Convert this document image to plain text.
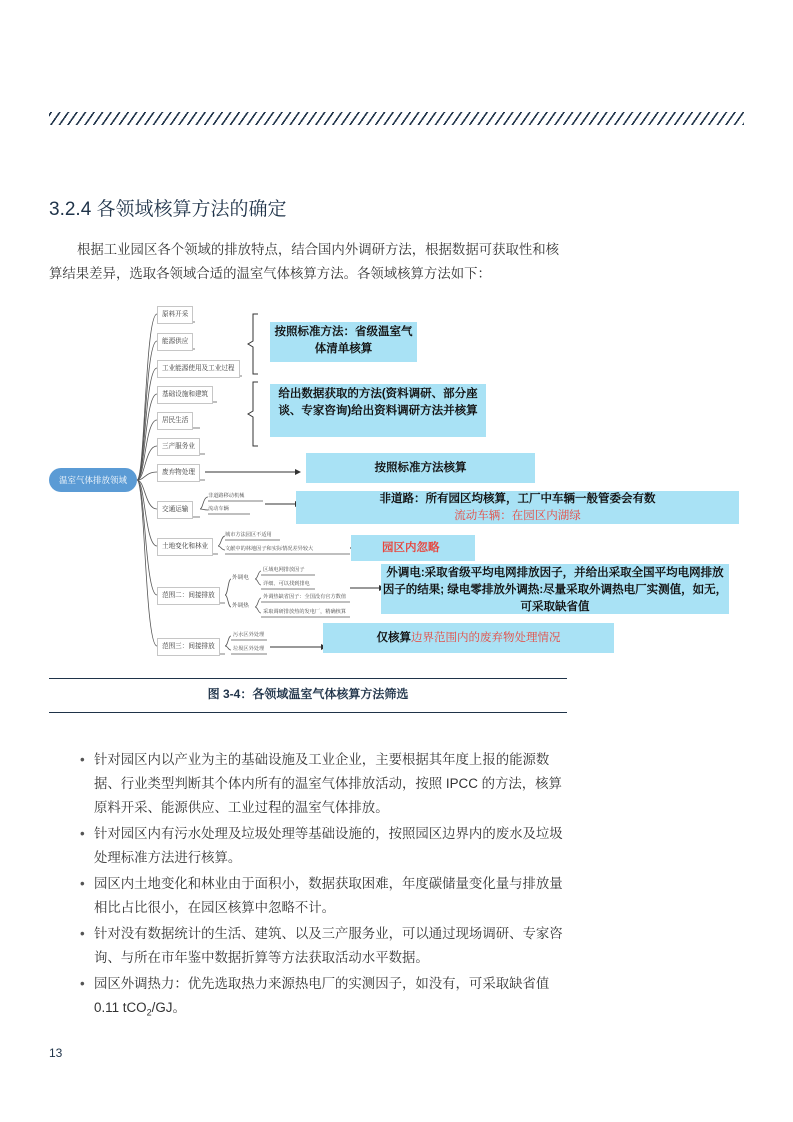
3.2.4 各领域核算方法的确定
根据工业园区各个领域的排放特点，结合国内外调研方法，根据数据可获取性和核算结果差异，选取各领域合适的温室气体核算方法。各领域核算方法如下：
温室气体排放领域
原料开采
能源供应
工业能源使用及工业过程
基础设施和建筑
居民生活
三产服务业
废弃物处理
交通运输
土地变化和林业
范围二：间接排放
范围三：间接排放
非道路移动机械
流动车辆
城市方法园区不适用
文献中的林地因子和实际情况差异较大
外调电
外调热
区域电网排放因子
详细、可以找到排电
外调热缺省因子：全国没有官方数值
采取调研排放热的发电厂，精确核算
污水区外处理
垃圾区外处理
按照标准方法：省级温室气体清单核算
给出数据获取的方法(资料调研、部分座谈、专家咨询)给出资料调研方法并核算
按照标准方法核算
非道路：所有园区均核算，工厂中车辆一般管委会有数
流动车辆：在园区内湖绿
园区内忽略
外调电:采取省级平均电网排放因子，并给出采取全国平均电网排放因子的结果; 绿电零排放外调热:尽量采取外调热电厂实测值，如无，可采取缺省值
仅核算边界范围内的废弃物处理情况
图 3-4：各领域温室气体核算方法筛选
• 针对园区内以产业为主的基础设施及工业企业，主要根据其年度上报的能源数据、行业类型判断其个体内所有的温室气体排放活动，按照 IPCC 的方法，核算原料开采、能源供应、工业过程的温室气体排放。
• 针对园区内有污水处理及垃圾处理等基础设施的，按照园区边界内的废水及垃圾处理标准方法进行核算。
• 园区内土地变化和林业由于面积小，数据获取困难，年度碳储量变化量与排放量相比占比很小，在园区核算中忽略不计。
• 针对没有数据统计的生活、建筑、以及三产服务业，可以通过现场调研、专家咨询、与所在市年鉴中数据折算等方法获取活动水平数据。
• 园区外调热力：优先选取热力来源热电厂的实测因子，如没有，可采取缺省值 0.11 tCO$_2$/GJ。
13
